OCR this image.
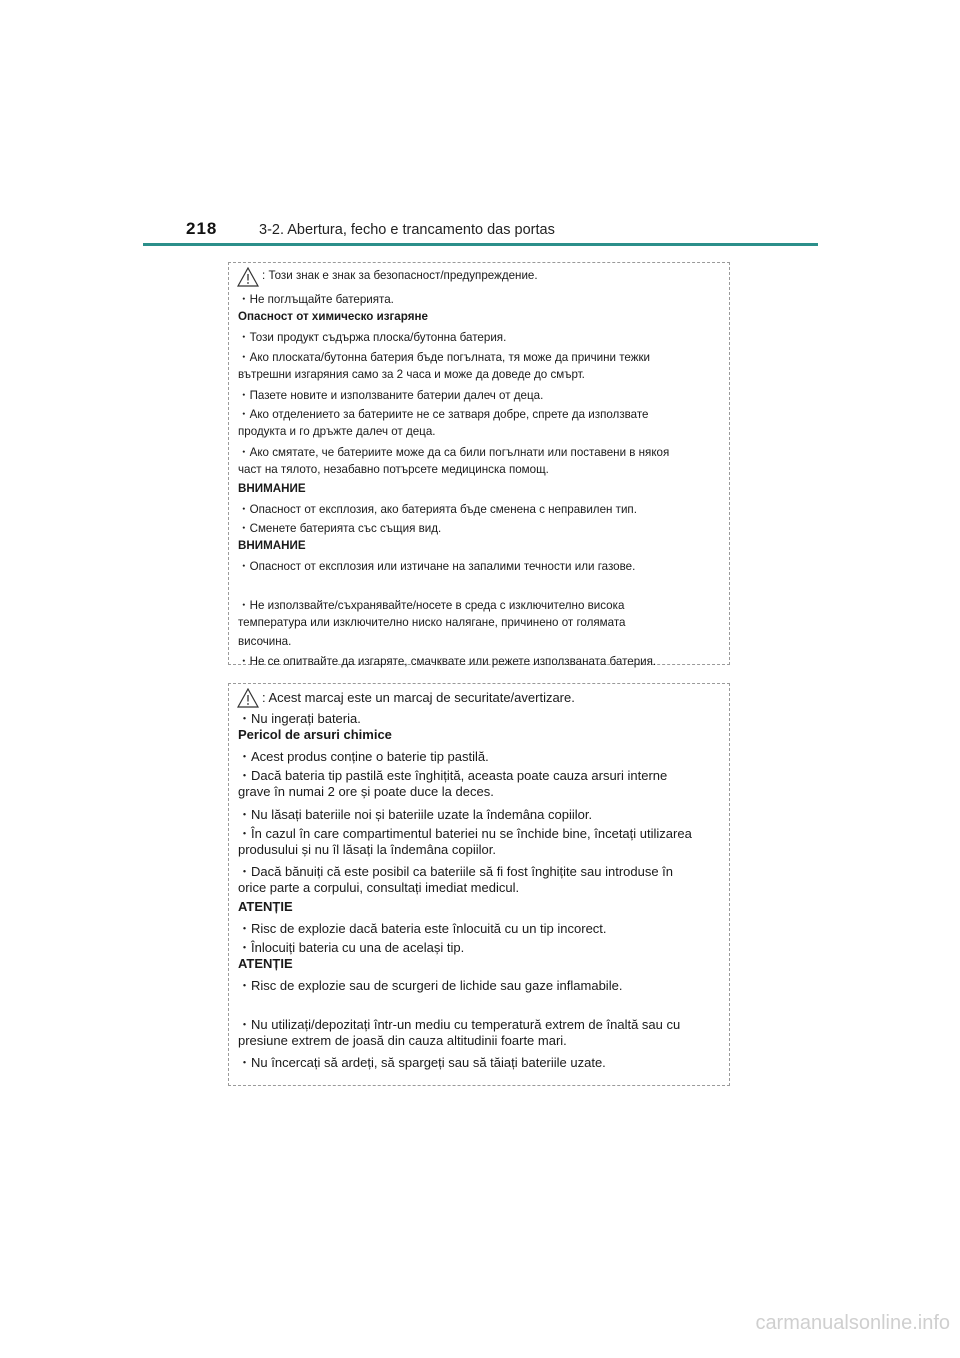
218	3-2. Abertura, fecho e trancamento das portas
: Този знак е знак за безопасност/предупреждение.
・Не поглъщайте батерията.
Опасност от химическо изгаряне
・Този продукт съдържа плоска/бутонна батерия.
・Ако плоската/бутонна батерия бъде погълната, тя може да причини тежки
вътрешни изгаряния само за 2 часа и може да доведе до смърт.
・Пазете новите и използваните батерии далеч от деца.
・Ако отделението за батериите не се затваря добре, спрете да използвате
продукта и го дръжте далеч от деца.
・Ако смятате, че батериите може да са били погълнати или поставени в някоя
част на тялото, незабавно потърсете медицинска помощ.
ВНИМАНИЕ
・Опасност от експлозия, ако батерията бъде сменена с неправилен тип.
・Сменете батерията със същия вид.
ВНИМАНИЕ
・Опасност от експлозия или изтичане на запалими течности или газове.
・Не използвайте/съхранявайте/носете в среда с изключително висока
температура или изключително ниско налягане, причинено от голямата
височина.
・Не се опитвайте да изгаряте, смачквате или режете използваната батерия.
: Acest marcaj este un marcaj de securitate/avertizare.
・Nu ingerați bateria.
Pericol de arsuri chimice
・Acest produs conține o baterie tip pastilă.
・Dacă bateria tip pastilă este înghițită, aceasta poate cauza arsuri interne
grave în numai 2 ore și poate duce la deces.
・Nu lăsați bateriile noi și bateriile uzate la îndemâna copiilor.
・În cazul în care compartimentul bateriei nu se închide bine, încetați utilizarea
produsului și nu îl lăsați la îndemâna copiilor.
・Dacă bănuiți că este posibil ca bateriile să fi fost înghițite sau introduse în
orice parte a corpului, consultați imediat medicul.
ATENȚIE
・Risc de explozie dacă bateria este înlocuită cu un tip incorect.
・Înlocuiți bateria cu una de același tip.
ATENȚIE
・Risc de explozie sau de scurgeri de lichide sau gaze inflamabile.
・Nu utilizați/depozitați într-un mediu cu temperatură extrem de înaltă sau cu
presiune extrem de joasă din cauza altitudinii foarte mari.
・Nu încercați să ardeți, să spargeți sau să tăiați bateriile uzate.
carmanualsonline.info
